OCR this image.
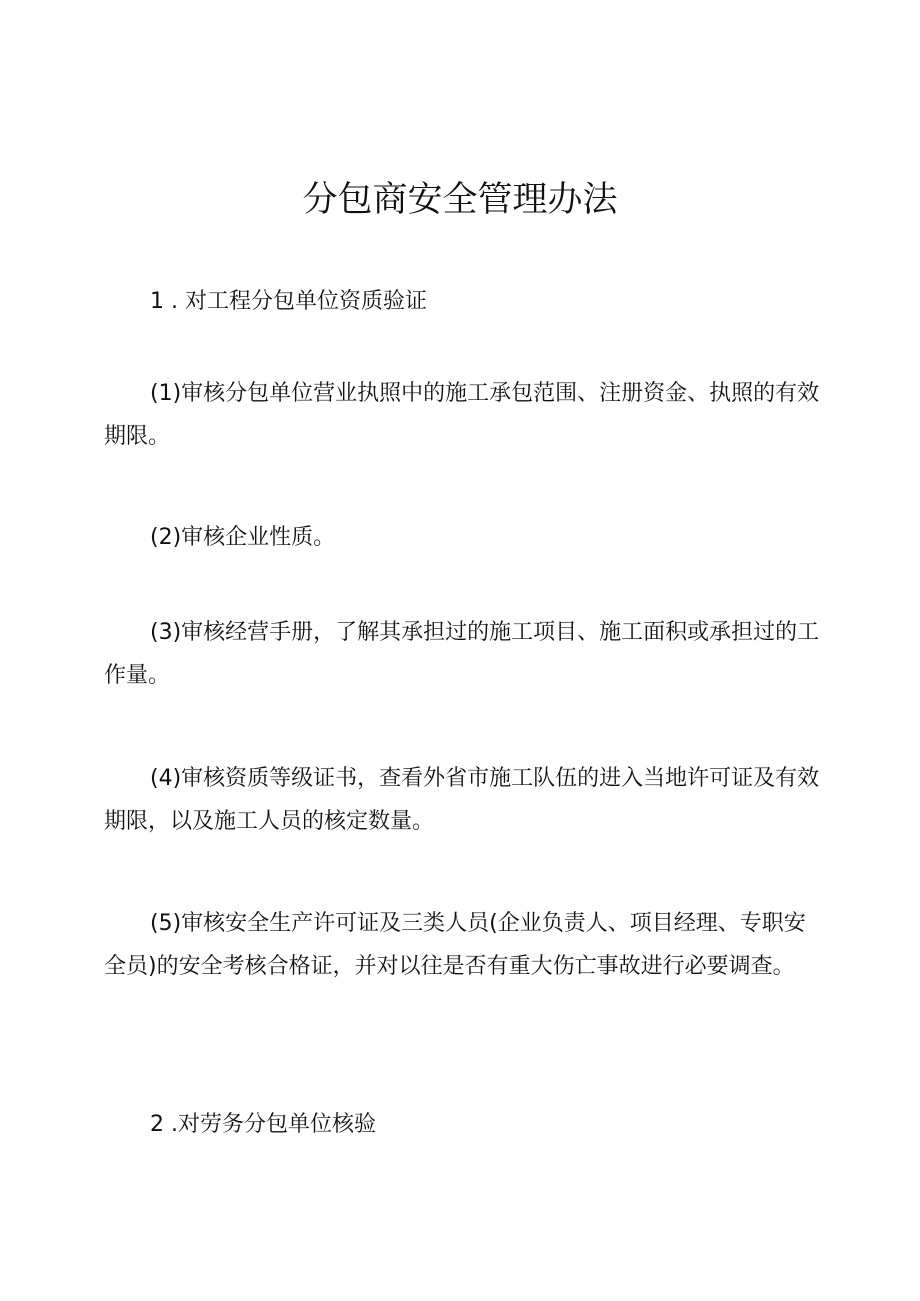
分包商安全管理办法

1 . 对工程分包单位资质验证

(1)审核分包单位营业执照中的施工承包范围、注册资金、执照的有效期限。

(2)审核企业性质。

(3)审核经营手册，了解其承担过的施工项目、施工面积或承担过的工作量。

(4)审核资质等级证书，查看外省市施工队伍的进入当地许可证及有效期限，以及施工人员的核定数量。

(5)审核安全生产许可证及三类人员(企业负责人、项目经理、专职安全员)的安全考核合格证，并对以往是否有重大伤亡事故进行必要调查。

2 .对劳务分包单位核验
